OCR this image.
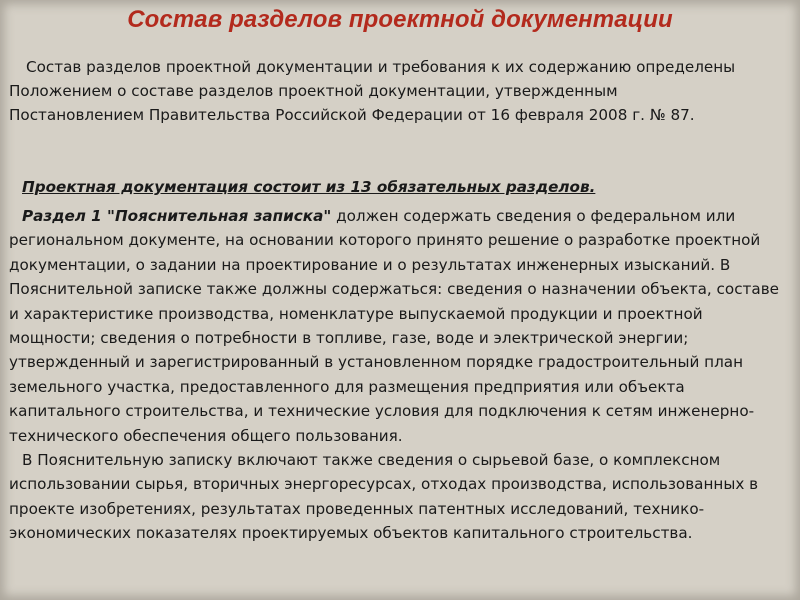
Состав разделов проектной документации

Состав разделов проектной документации и требования к их содержанию определены Положением о составе разделов проектной документации, утвержденным Постановлением Правительства Российской Федерации от 16 февраля 2008 г. № 87.

Проектная документация состоит из 13 обязательных разделов.

Раздел 1 "Пояснительная записка" должен содержать сведения о федеральном или региональном документе, на основании которого принято решение о разработке проектной документации, о задании на проектирование и о результатах инженерных изысканий. В Пояснительной записке также должны содержаться: сведения о назначении объекта, составе и характеристике производства, номенклатуре выпускаемой продукции и проектной мощности; сведения о потребности в топливе, газе, воде и электрической энергии; утвержденный и зарегистрированный в установленном порядке градостроительный план земельного участка, предоставленного для размещения предприятия или объекта капитального строительства, и технические условия для подключения к сетям инженерно-технического обеспечения общего пользования.
В Пояснительную записку включают также сведения о сырьевой базе, о комплексном использовании сырья, вторичных энергоресурсах, отходах производства, использованных в проекте изобретениях, результатах проведенных патентных исследований, технико-экономических показателях проектируемых объектов капитального строительства.
